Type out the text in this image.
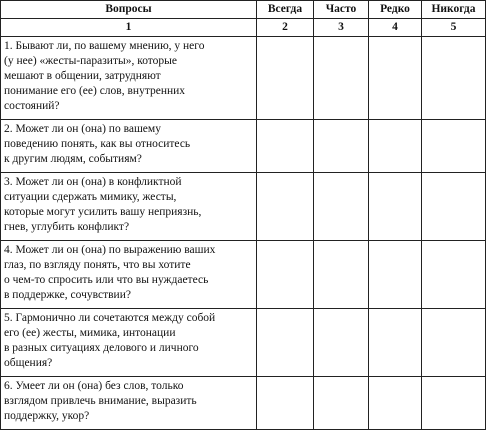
Вопросы	Всегда	Часто	Редко	Никогда
1	2	3	4	5

1. Бывают ли, по вашему мнению, у него
(у нее) «жесты-паразиты», которые
мешают в общении, затрудняют
понимание его (ее) слов, внутренних
состояний?				

2. Может ли он (она) по вашему
поведению понять, как вы относитесь
к другим людям, событиям?				

3. Может ли он (она) в конфликтной
ситуации сдержать мимику, жесты,
которые могут усилить вашу неприязнь,
гнев, углубить конфликт?				

4. Может ли он (она) по выражению ваших
глаз, по взгляду понять, что вы хотите
о чем-то спросить или что вы нуждаетесь
в поддержке, сочувствии?				

5. Гармонично ли сочетаются между собой
его (ее) жесты, мимика, интонации
в разных ситуациях делового и личного
общения?				

6. Умеет ли он (она) без слов, только
взглядом привлечь внимание, выразить
поддержку, укор?				
